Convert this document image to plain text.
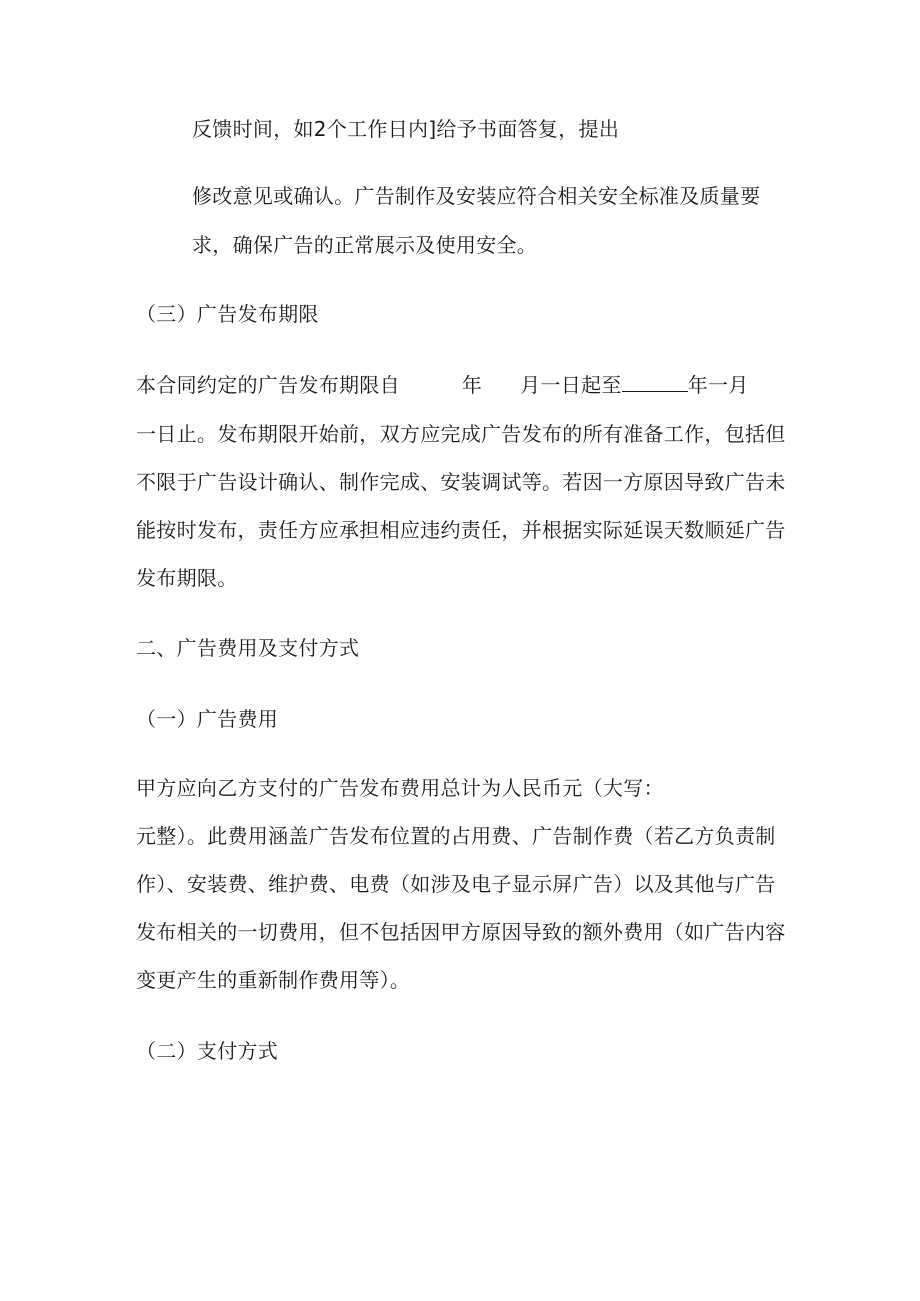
反馈时间，如2个工作日内]给予书面答复，提出
修改意见或确认。广告制作及安装应符合相关安全标准及质量要
求，确保广告的正常展示及使用安全。
（三）广告发布期限
本合同约定的广告发布期限自	年 月一日起至	年一月
一日止。发布期限开始前，双方应完成广告发布的所有准备工作，包括但
不限于广告设计确认、制作完成、安装调试等。若因一方原因导致广告未
能按时发布，责任方应承担相应违约责任，并根据实际延误天数顺延广告
发布期限。
二、广告费用及支付方式
（一）广告费用
甲方应向乙方支付的广告发布费用总计为人民币元（大写：
元整）。此费用涵盖广告发布位置的占用费、广告制作费（若乙方负责制
作）、安装费、维护费、电费（如涉及电子显示屏广告）以及其他与广告
发布相关的一切费用，但不包括因甲方原因导致的额外费用（如广告内容
变更产生的重新制作费用等）。
（二）支付方式
